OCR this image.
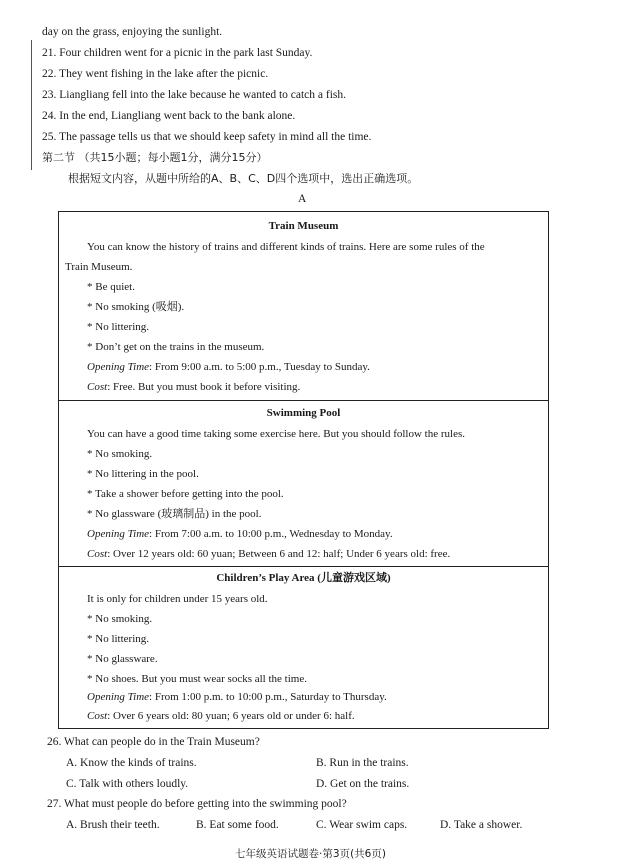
day on the grass, enjoying the sunlight.
21. Four children went for a picnic in the park last Sunday.
22. They went fishing in the lake after the picnic.
23. Liangliang fell into the lake because he wanted to catch a fish.
24. In the end, Liangliang went back to the bank alone.
25. The passage tells us that we should keep safety in mind all the time.
第二节 （共15小题；每小题1分，满分15分）
根据短文内容，从题中所给的A、B、C、D四个选项中，选出正确选项。
A
Train Museum
You can know the history of trains and different kinds of trains. Here are some rules of the
Train Museum.
* Be quiet.
* No smoking (吸烟).
* No littering.
* Don’t get on the trains in the museum.
Opening Time: From 9:00 a.m. to 5:00 p.m., Tuesday to Sunday.
Cost: Free. But you must book it before visiting.
Swimming Pool
You can have a good time taking some exercise here. But you should follow the rules.
* No smoking.
* No littering in the pool.
* Take a shower before getting into the pool.
* No glassware (玻璃制品) in the pool.
Opening Time: From 7:00 a.m. to 10:00 p.m., Wednesday to Monday.
Cost: Over 12 years old: 60 yuan; Between 6 and 12: half; Under 6 years old: free.
Children’s Play Area (儿童游戏区域)
It is only for children under 15 years old.
* No smoking.
* No littering.
* No glassware.
* No shoes. But you must wear socks all the time.
Opening Time: From 1:00 p.m. to 10:00 p.m., Saturday to Thursday.
Cost: Over 6 years old: 80 yuan; 6 years old or under 6: half.
26. What can people do in the Train Museum?
A. Know the kinds of trains.	B. Run in the trains.
C. Talk with others loudly.	D. Get on the trains.
27. What must people do before getting into the swimming pool?
A. Brush their teeth.	B. Eat some food.	C. Wear swim caps.	D. Take a shower.
七年级英语试题卷·第3页(共6页)
